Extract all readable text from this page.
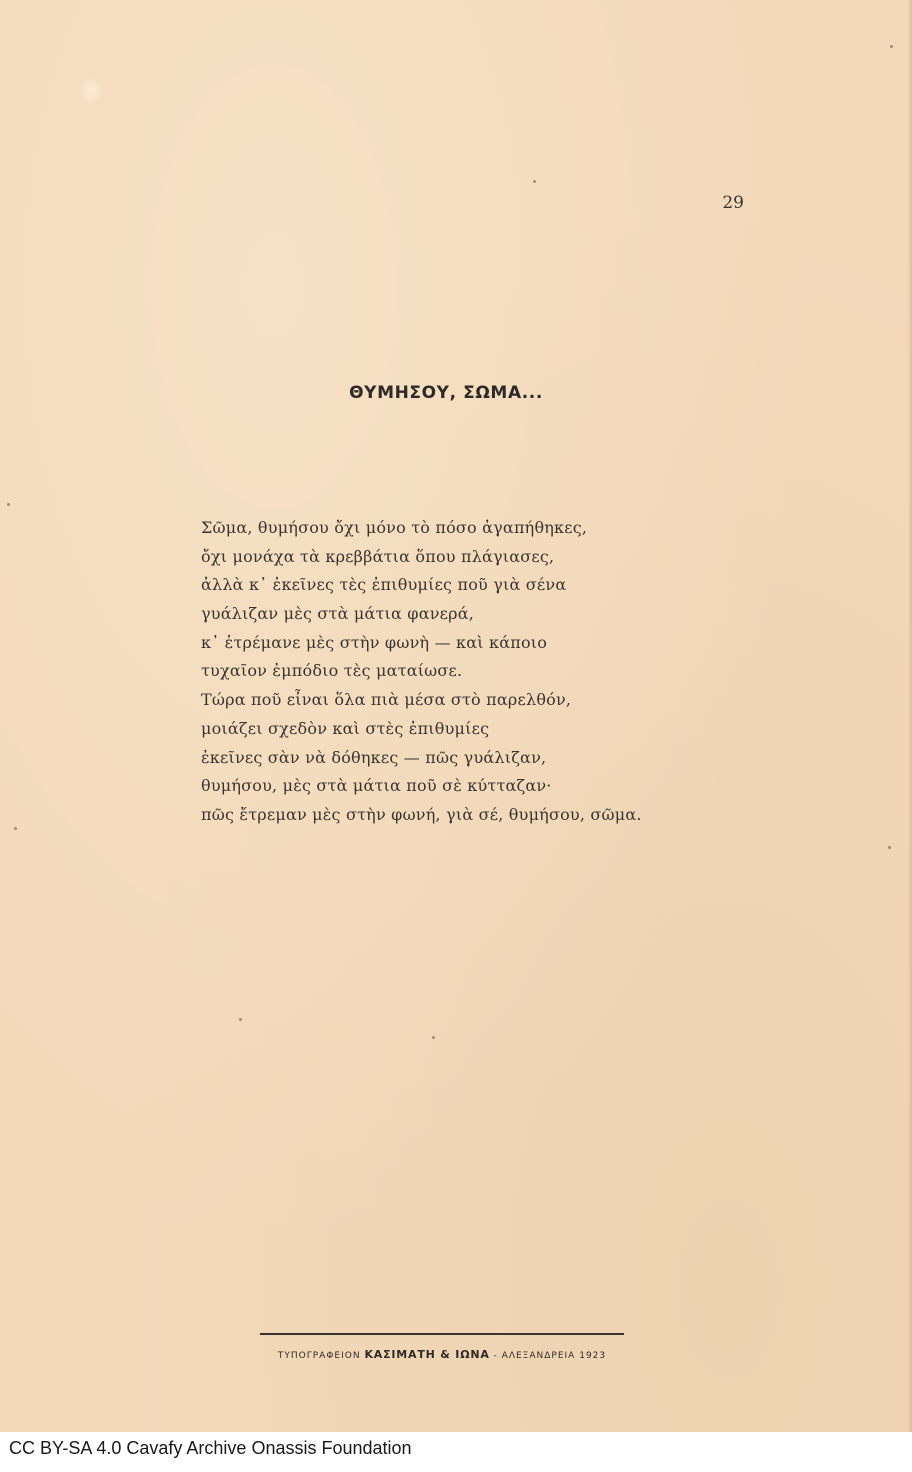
29
ΘΥΜΗΣΟΥ, ΣΩΜΑ...
Σῶμα, θυμήσου ὄχι μόνο τὸ πόσο ἀγαπήθηκες,
ὄχι μονάχα τὰ κρεββάτια ὅπου πλάγιασες,
ἀλλὰ κ᾽ ἐκεῖνες τὲς ἐπιθυμίες ποῦ γιὰ σένα
γυάλιζαν μὲς στὰ μάτια φανερά,
κ᾽ ἐτρέμανε μὲς στὴν φωνὴ — καὶ κάποιο
τυχαῖον ἐμπόδιο τὲς ματαίωσε.
Τώρα ποῦ εἶναι ὅλα πιὰ μέσα στὸ παρελθόν,
μοιάζει σχεδὸν καὶ στὲς ἐπιθυμίες
ἐκεῖνες σὰν νὰ δόθηκες — πῶς γυάλιζαν,
θυμήσου, μὲς στὰ μάτια ποῦ σὲ κύτταζαν·
πῶς ἔτρεμαν μὲς στὴν φωνή, γιὰ σέ, θυμήσου, σῶμα.
ΤΥΠΟΓΡΑΦΕΙΟΝ ΚΑΣΙΜΑΤΗ & ΙΩΝΑ - ΑΛΕΞΑΝΔΡΕΙΑ 1923
CC BY-SA 4.0 Cavafy Archive Onassis Foundation
